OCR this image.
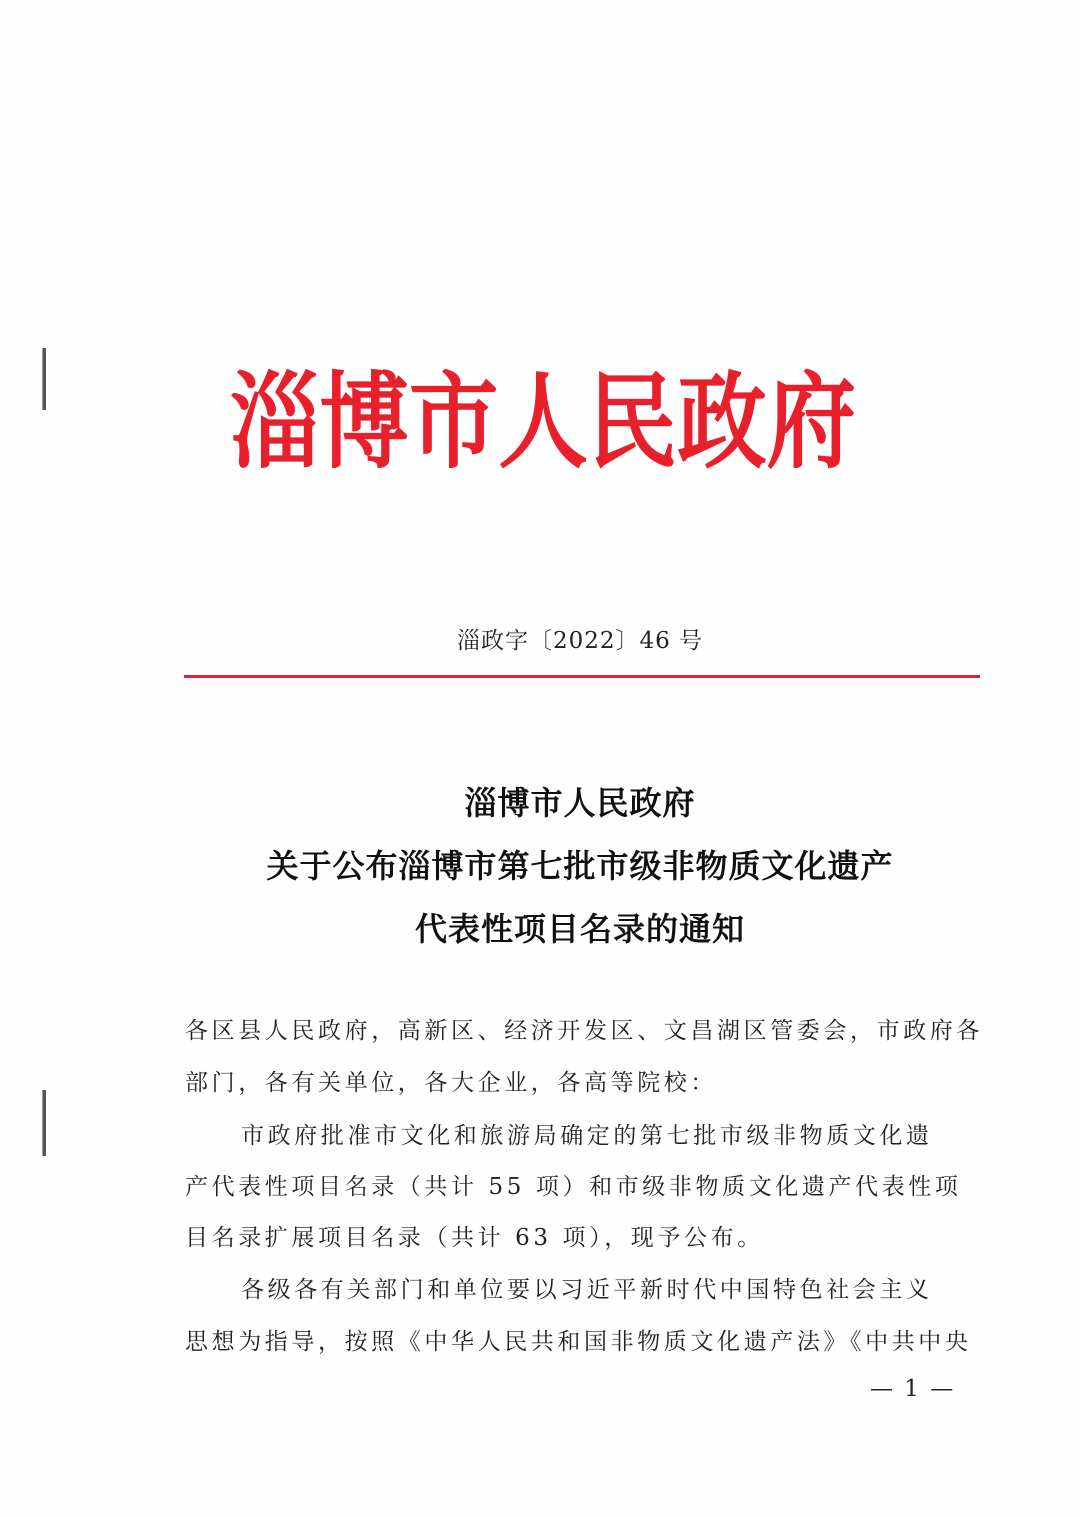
淄博市人民政府
淄政字〔2022〕46 号
淄博市人民政府
关于公布淄博市第七批市级非物质文化遗产
代表性项目名录的通知
各区县人民政府，高新区、经济开发区、文昌湖区管委会，市政府各
部门，各有关单位，各大企业，各高等院校：
市政府批准市文化和旅游局确定的第七批市级非物质文化遗
产代表性项目名录（共计 55 项）和市级非物质文化遗产代表性项
目名录扩展项目名录（共计 63 项），现予公布。
各级各有关部门和单位要以习近平新时代中国特色社会主义
思想为指导，按照《中华人民共和国非物质文化遗产法》《中共中央
— 1 —
